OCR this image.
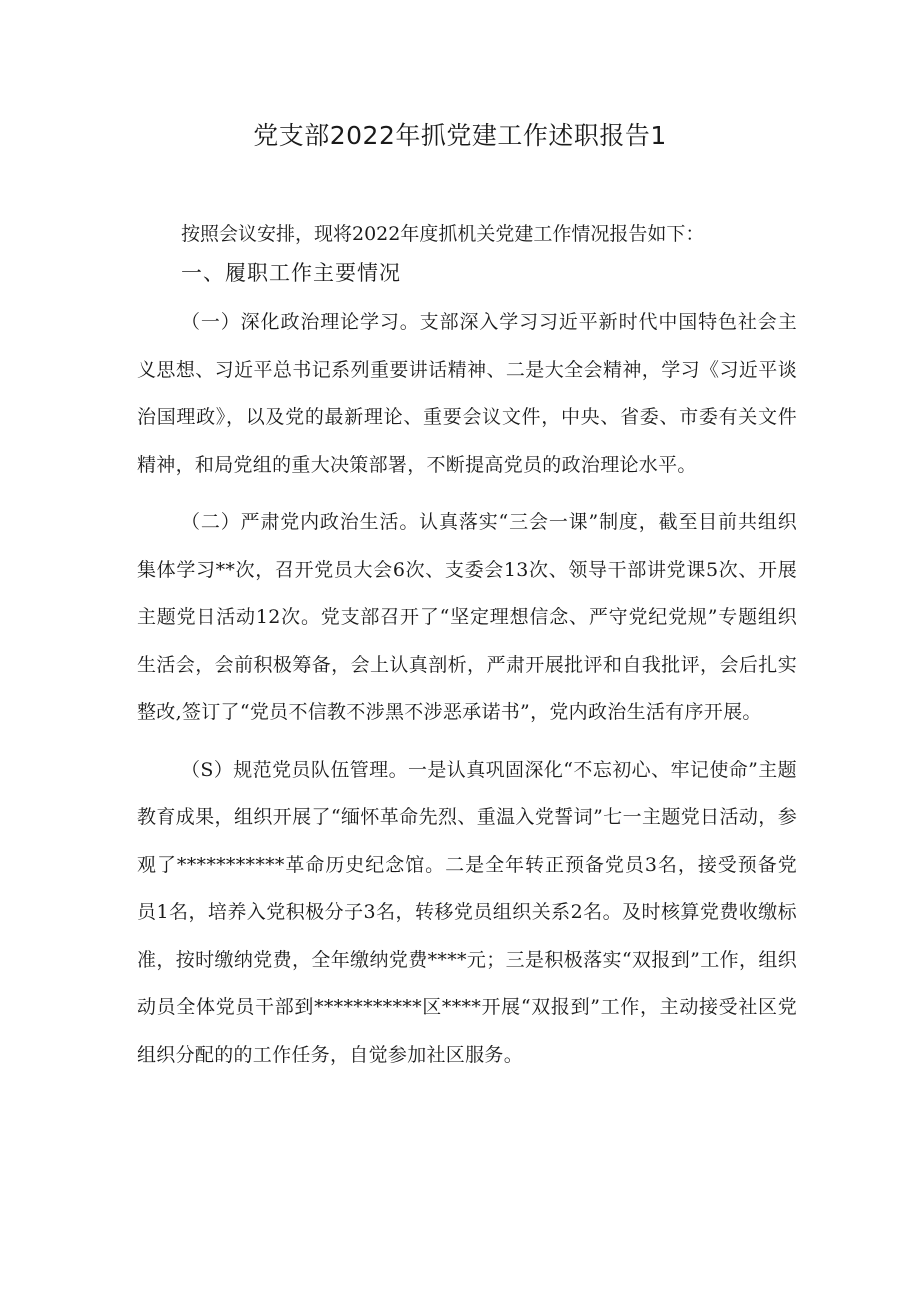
党支部2022年抓党建工作述职报告1

按照会议安排，现将2022年度抓机关党建工作情况报告如下：

一、履职工作主要情况

（一）深化政治理论学习。支部深入学习习近平新时代中国特色社会主义思想、习近平总书记系列重要讲话精神、二是大全会精神，学习《习近平谈治国理政》，以及党的最新理论、重要会议文件，中央、省委、市委有关文件精神，和局党组的重大决策部署，不断提高党员的政治理论水平。

（二）严肃党内政治生活。认真落实“三会一课”制度，截至目前共组织集体学习**次，召开党员大会6次、支委会13次、领导干部讲党课5次、开展主题党日活动12次。党支部召开了“坚定理想信念、严守党纪党规”专题组织生活会，会前积极筹备，会上认真剖析，严肃开展批评和自我批评，会后扎实整改,签订了“党员不信教不涉黑不涉恶承诺书”，党内政治生活有序开展。

（S）规范党员队伍管理。一是认真巩固深化“不忘初心、牢记使命”主题教育成果，组织开展了“缅怀革命先烈、重温入党誓词”七一主题党日活动，参观了***********革命历史纪念馆。二是全年转正预备党员3名，接受预备党员1名，培养入党积极分子3名，转移党员组织关系2名。及时核算党费收缴标准，按时缴纳党费，全年缴纳党费****元；三是积极落实“双报到”工作，组织动员全体党员干部到***********区****开展“双报到”工作，主动接受社区党组织分配的的工作任务，自觉参加社区服务。
